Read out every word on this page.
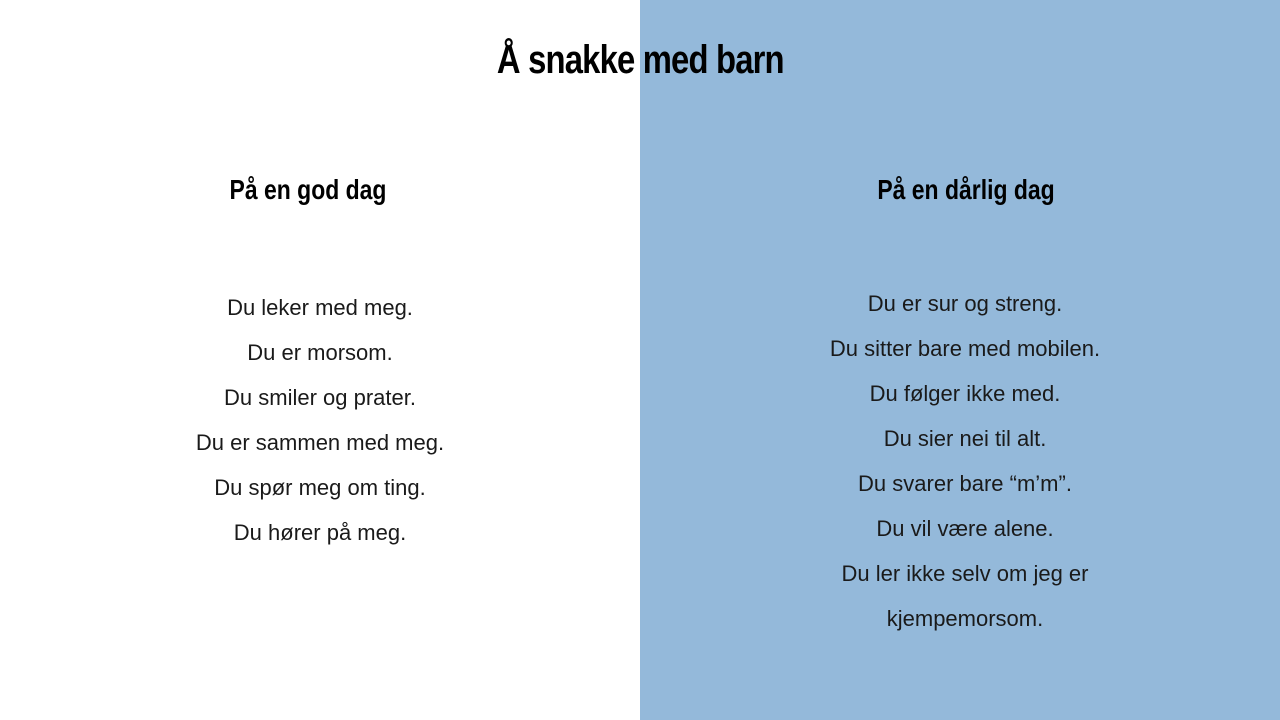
Å snakke med barn
På en god dag
Du leker med meg.
Du er morsom.
Du smiler og prater.
Du er sammen med meg.
Du spør meg om ting.
Du hører på meg.
På en dårlig dag
Du er sur og streng.
Du sitter bare med mobilen.
Du følger ikke med.
Du sier nei til alt.
Du svarer bare “m’m”.
Du vil være alene.
Du ler ikke selv om jeg er
kjempemorsom.
